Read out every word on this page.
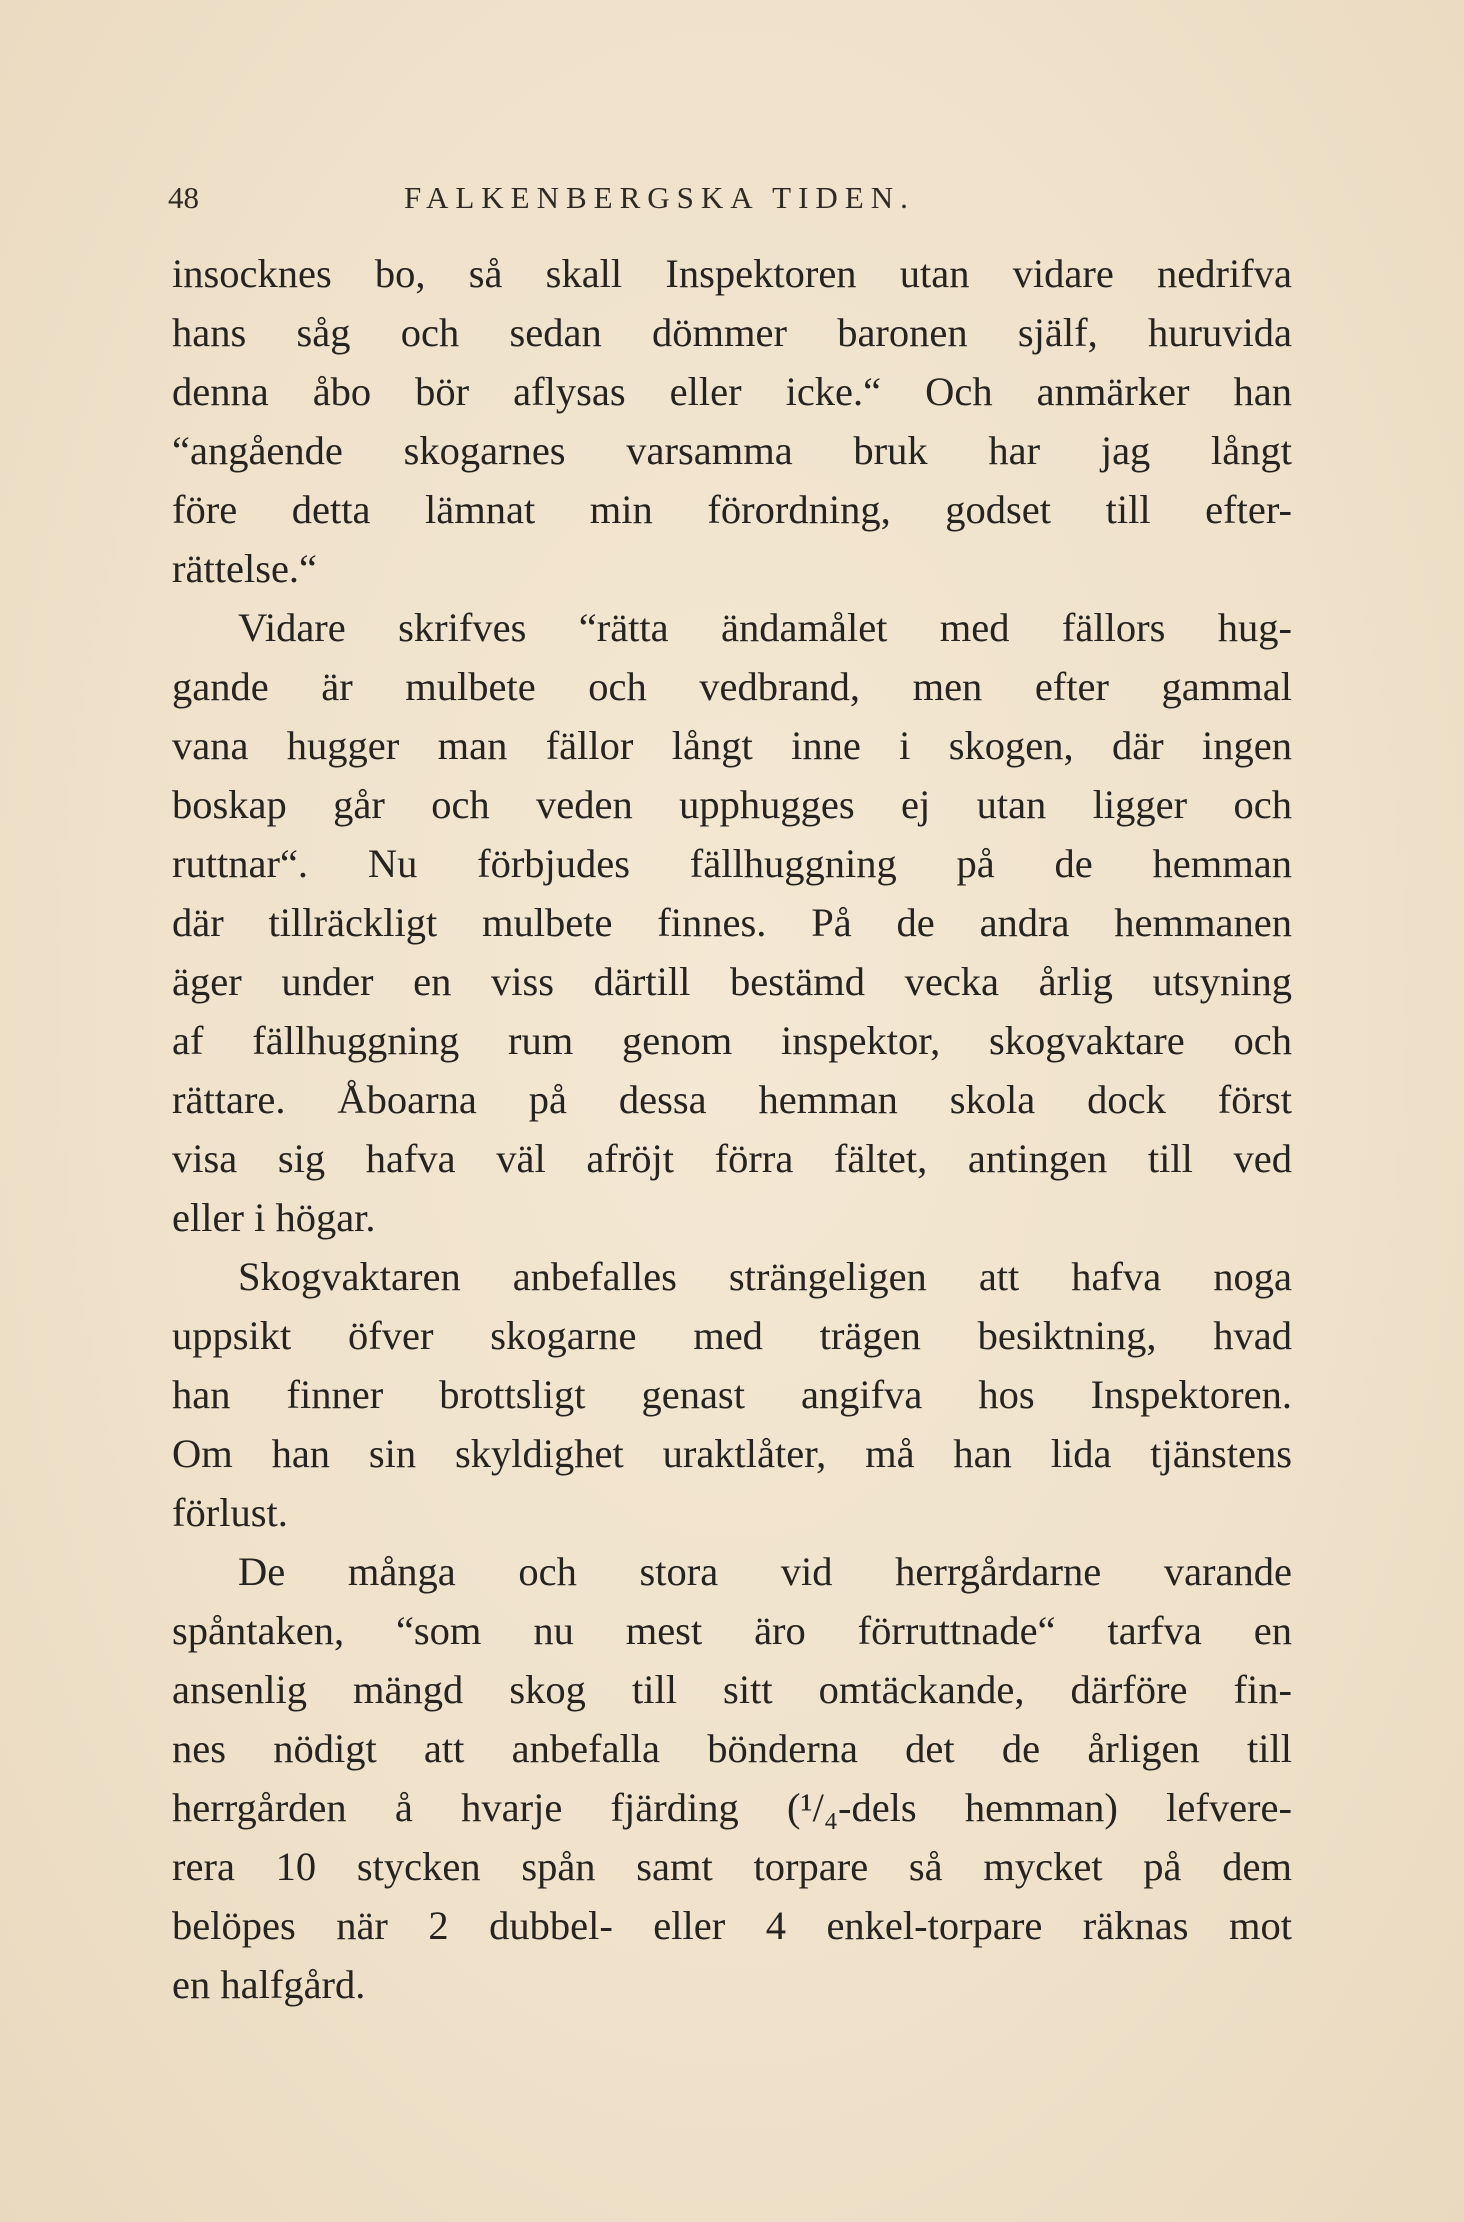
48	FALKENBERGSKA TIDEN.
insocknes bo, så skall Inspektoren utan vidare nedrifva
hans såg och sedan dömmer baronen själf, huruvida
denna åbo bör aflysas eller icke.“ Och anmärker han
“angående skogarnes varsamma bruk har jag långt
före detta lämnat min förordning, godset till efter-
rättelse.“
Vidare skrifves “rätta ändamålet med fällors hug-
gande är mulbete och vedbrand, men efter gammal
vana hugger man fällor långt inne i skogen, där ingen
boskap går och veden upphugges ej utan ligger och
ruttnar“. Nu förbjudes fällhuggning på de hemman
där tillräckligt mulbete finnes. På de andra hemmanen
äger under en viss därtill bestämd vecka årlig utsyning
af fällhuggning rum genom inspektor, skogvaktare och
rättare. Åboarna på dessa hemman skola dock först
visa sig hafva väl afröjt förra fältet, antingen till ved
eller i högar.
Skogvaktaren anbefalles strängeligen att hafva noga
uppsikt öfver skogarne med trägen besiktning, hvad
han finner brottsligt genast angifva hos Inspektoren.
Om han sin skyldighet uraktlåter, må han lida tjänstens
förlust.
De många och stora vid herrgårdarne varande
spåntaken, “som nu mest äro förruttnade“ tarfva en
ansenlig mängd skog till sitt omtäckande, därföre fin-
nes nödigt att anbefalla bönderna det de årligen till
herrgården å hvarje fjärding (¹/₄-dels hemman) lefvere-
rera 10 stycken spån samt torpare så mycket på dem
belöpes när 2 dubbel- eller 4 enkel-torpare räknas mot
en halfgård.
